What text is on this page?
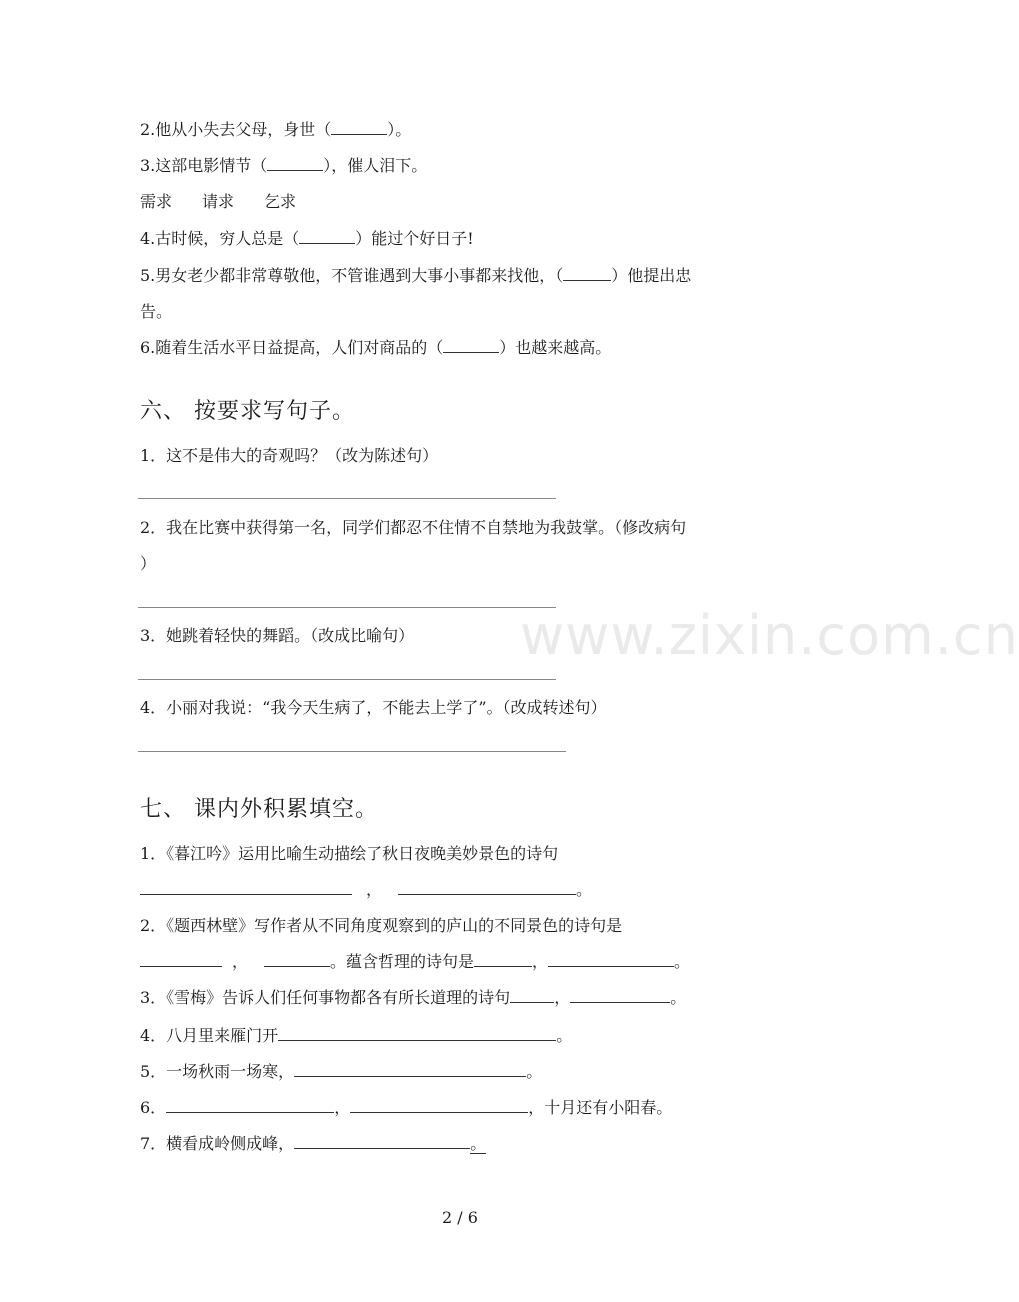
2.他从小失去父母，身世（	）。
3.这部电影情节（	），催人泪下。
需求 请求 乞求
4.古时候，穷人总是（	）能过个好日子!
5.男女老少都非常尊敬他，不管谁遇到大事小事都来找他，（	）他提出忠
告。
6.随着生活水平日益提高，人们对商品的（	）也越来越高。
六、 按要求写句子。
1．这不是伟大的奇观吗？（改为陈述句）
2．我在比赛中获得第一名，同学们都忍不住情不自禁地为我鼓掌。（修改病句
）
3．她跳着轻快的舞蹈。（改成比喻句）
4．小丽对我说：“我今天生病了，不能去上学了”。（改成转述句）
七、 课内外积累填空。
1．《暮江吟》运用比喻生动描绘了秋日夜晚美妙景色的诗句
，	。
2．《题西林壁》写作者从不同角度观察到的庐山的不同景色的诗句是
，	。蕴含哲理的诗句是	，	。
3．《雪梅》告诉人们任何事物都各有所长道理的诗句	，	。
4．八月里来雁门开	。
5．一场秋雨一场寒，	。
6．	，	，十月还有小阳春。
7．横看成岭侧成峰，	。
www.zixin.com.cn
2 / 6
